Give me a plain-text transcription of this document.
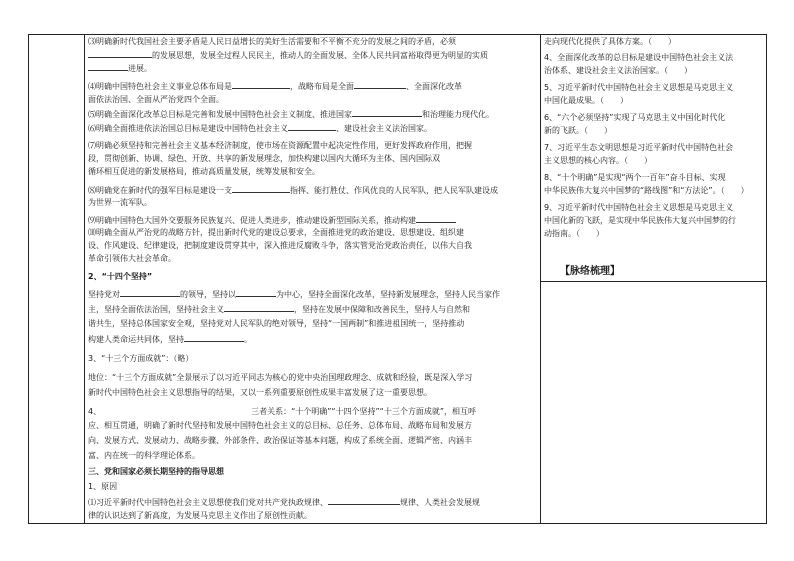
⑶明确新时代我国社会主要矛盾是人民日益增长的美好生活需要和不平衡不充分的发展之间的矛盾，必须
的发展思想，发展全过程人民民主，推动人的全面发展、全体人民共同富裕取得更为明显的实质
进展。
⑷明确中国特色社会主义事业总体布局是	，战略布局是全面	、全面深化改革
面依法治国、全面从严治党四个全面。
⑸明确全面深化改革总目标是完善和发展中国特色社会主义制度、推进国家	和治理能力现代化。
⑹明确全面推进依法治国总目标是建设中国特色社会主义	、建设社会主义法治国家。
⑺明确必须坚持和完善社会主义基本经济制度，使市场在资源配置中起决定性作用，更好发挥政府作用，把握
段，贯彻创新、协调、绿色、开放、共享的新发展理念，加快构建以国内大循环为主体、国内国际双
循环相互促进的新发展格局，推动高质量发展，统筹发展和安全。
⑻明确党在新时代的强军目标是建设一支	指挥、能打胜仗、作风优良的人民军队，把人民军队建设成
为世界一流军队。
⑼明确中国特色大国外交要服务民族复兴、促进人类进步，推动建设新型国际关系，推动构建
⑽明确全面从严治党的战略方针，提出新时代党的建设总要求，全面推进党的政治建设、思想建设、组织建
设、作风建设、纪律建设，把制度建设贯穿其中，深入推进反腐败斗争，落实管党治党政治责任，以伟大自我
革命引领伟大社会革命。
2、“十四个坚持”
坚持党对	的领导，坚持以	为中心，坚持全面深化改革，坚持新发展理念，坚持人民当家作
主，坚持全面依法治国，坚持社会主义	，坚持在发展中保障和改善民生，坚持人与自然和
谐共生，坚持总体国家安全观，坚持党对人民军队的绝对领导，坚持“一国两制”和推进祖国统一，坚持推动
构建人类命运共同体，坚持	。
3、“十三个方面成就”：（略）
地位：“十三个方面成就”全景展示了以习近平同志为核心的党中央治国理政理念、成就和经验，既是深入学习
新时代中国特色社会主义思想指导的结果，又以一系列重要原创性成果丰富发展了这一重要思想。
4、	三者关系：“十个明确”“十四个坚持”“十三个方面成就”，相互呼
应、相互贯通，明确了新时代坚持和发展中国特色社会主义的总目标、总任务、总体布局、战略布局和发展方
向、发展方式、发展动力、战略步骤、外部条件、政治保证等基本问题，构成了系统全面、逻辑严密、内涵丰
富、内在统一的科学理论体系。
三、党和国家必须长期坚持的指导思想
1、原因
⑴习近平新时代中国特色社会主义思想使我们党对共产党执政规律、	规律、人类社会发展规
律的认识达到了新高度，为发展马克思主义作出了原创性贡献。
走向现代化提供了具体方案。（　　）
4、全面深化改革的总目标是建设中国特色社会主义法
治体系、建设社会主义法治国家。（　　）
5、习近平新时代中国特色社会主义思想是马克思主义
中国化最成果。（　　）
6、“六个必须坚持”实现了马克思主义中国化时代化
新的飞跃。（　　）
7、习近平生态文明思想是习近平新时代中国特色社会
主义思想的核心内容。（　　）
8、“十个明确”是实现“两个一百年”奋斗目标、实现
中华民族伟大复兴中国梦的“路线图”和“方法论”。（　　）
9、习近平新时代中国特色社会主义思想是马克思主义
中国化新的飞跃，是实现中华民族伟大复兴中国梦的行
动指南。（　　）
【脉络梳理】
